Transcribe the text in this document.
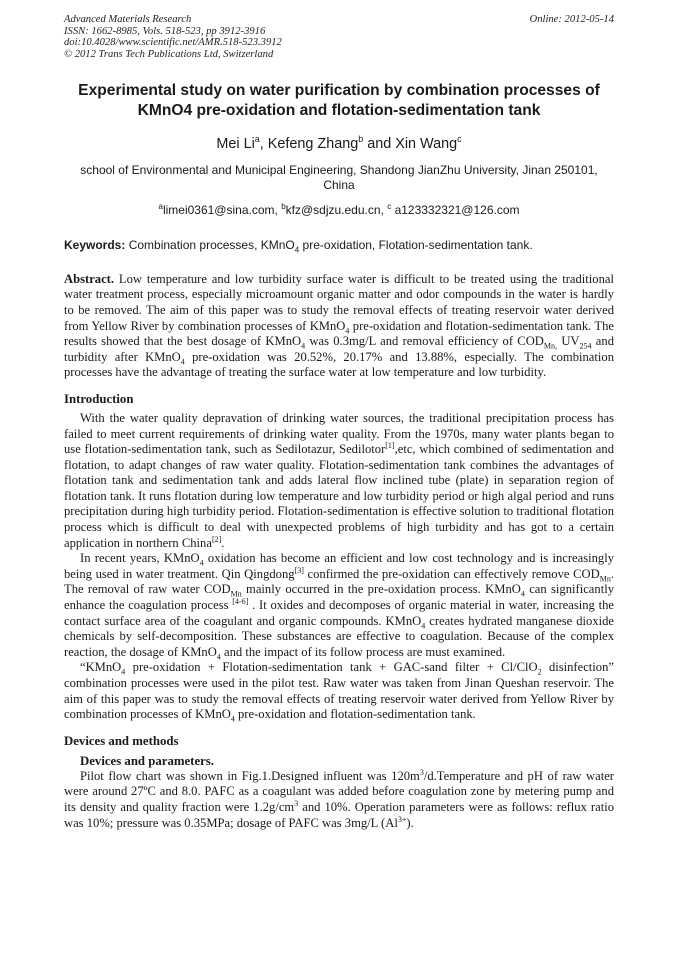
Advanced Materials Research
ISSN: 1662-8985, Vols. 518-523, pp 3912-3916
doi:10.4028/www.scientific.net/AMR.518-523.3912
© 2012 Trans Tech Publications Ltd, Switzerland
Online: 2012-05-14
Experimental study on water purification by combination processes of
KMnO4 pre-oxidation and flotation-sedimentation tank
Mei Li$^a$, Kefeng Zhang$^b$ and Xin Wang$^c$
school of Environmental and Municipal Engineering, Shandong JianZhu University, Jinan 250101, China
$^a$limei0361@sina.com, $^b$kfz@sdjzu.edu.cn, $^c$ a123332321@126.com
Keywords: Combination processes, KMnO$_4$ pre-oxidation, Flotation-sedimentation tank.

Abstract. Low temperature and low turbidity surface water is difficult to be treated using the traditional water treatment process, especially microamount organic matter and odor compounds in the water is hardly to be removed. The aim of this paper was to study the removal effects of treating reservoir water derived from Yellow River by combination processes of KMnO$_4$ pre-oxidation and flotation-sedimentation tank. The results showed that the best dosage of KMnO$_4$ was 0.3mg/L and removal efficiency of $COD_{Mn,}$ $UV_{254}$ and turbidity after KMnO$_4$ pre-oxidation was 20.52%, 20.17% and 13.88%, especially. The combination processes have the advantage of treating the surface water at low temperature and low turbidity.

Introduction

With the water quality depravation of drinking water sources, the traditional precipitation process has failed to meet current requirements of drinking water quality. From the 1970s, many water plants began to use flotation-sedimentation tank, such as Sedilotazur, Sedilotor[1],etc, which combined of sedimentation and flotation, to adapt changes of raw water quality. Flotation-sedimentation tank combines the advantages of flotation tank and sedimentation tank and adds lateral flow inclined tube (plate) in separation region of flotation tank. It runs flotation during low temperature and low turbidity period or high algal period and runs precipitation during high turbidity period. Flotation-sedimentation is effective solution to traditional flotation process which is difficult to deal with unexpected problems of high turbidity and has got to a certain application in northern China[2].

In recent years, KMnO$_4$ oxidation has become an efficient and low cost technology and is increasingly being used in water treatment. Qin Qingdong[3] confirmed the pre-oxidation can effectively remove $COD_{Mn}$. The removal of raw water $COD_{Mn}$ mainly occurred in the pre-oxidation process. KMnO$_4$ can significantly enhance the coagulation process [4-6] . It oxides and decomposes of organic material in water, increasing the contact surface area of the coagulant and organic compounds. KMnO$_4$ creates hydrated manganese dioxide chemicals by self-decomposition. These substances are effective to coagulation. Because of the complex reaction, the dosage of KMnO$_4$ and the impact of its follow process are must examined.

“KMnO$_4$ pre-oxidation + Flotation-sedimentation tank + GAC-sand filter + Cl/ClO$_2$ disinfection” combination processes were used in the pilot test. Raw water was taken from Jinan Queshan reservoir. The aim of this paper was to study the removal effects of treating reservoir water derived from Yellow River by combination processes of KMnO$_4$ pre-oxidation and flotation-sedimentation tank.

Devices and methods
Devices and parameters.

Pilot flow chart was shown in Fig.1.Designed influent was $120m^3/d.Temperature$ and pH of raw water were around 27ºC and 8.0. PAFC as a coagulant was added before coagulation zone by metering pump and its density and quality fraction were $1.2g/cm^3$ and 10%. Operation parameters were as follows: reflux ratio was 10%; pressure was 0.35MPa; dosage of PAFC was 3mg/L $(Al^{3+})$.
